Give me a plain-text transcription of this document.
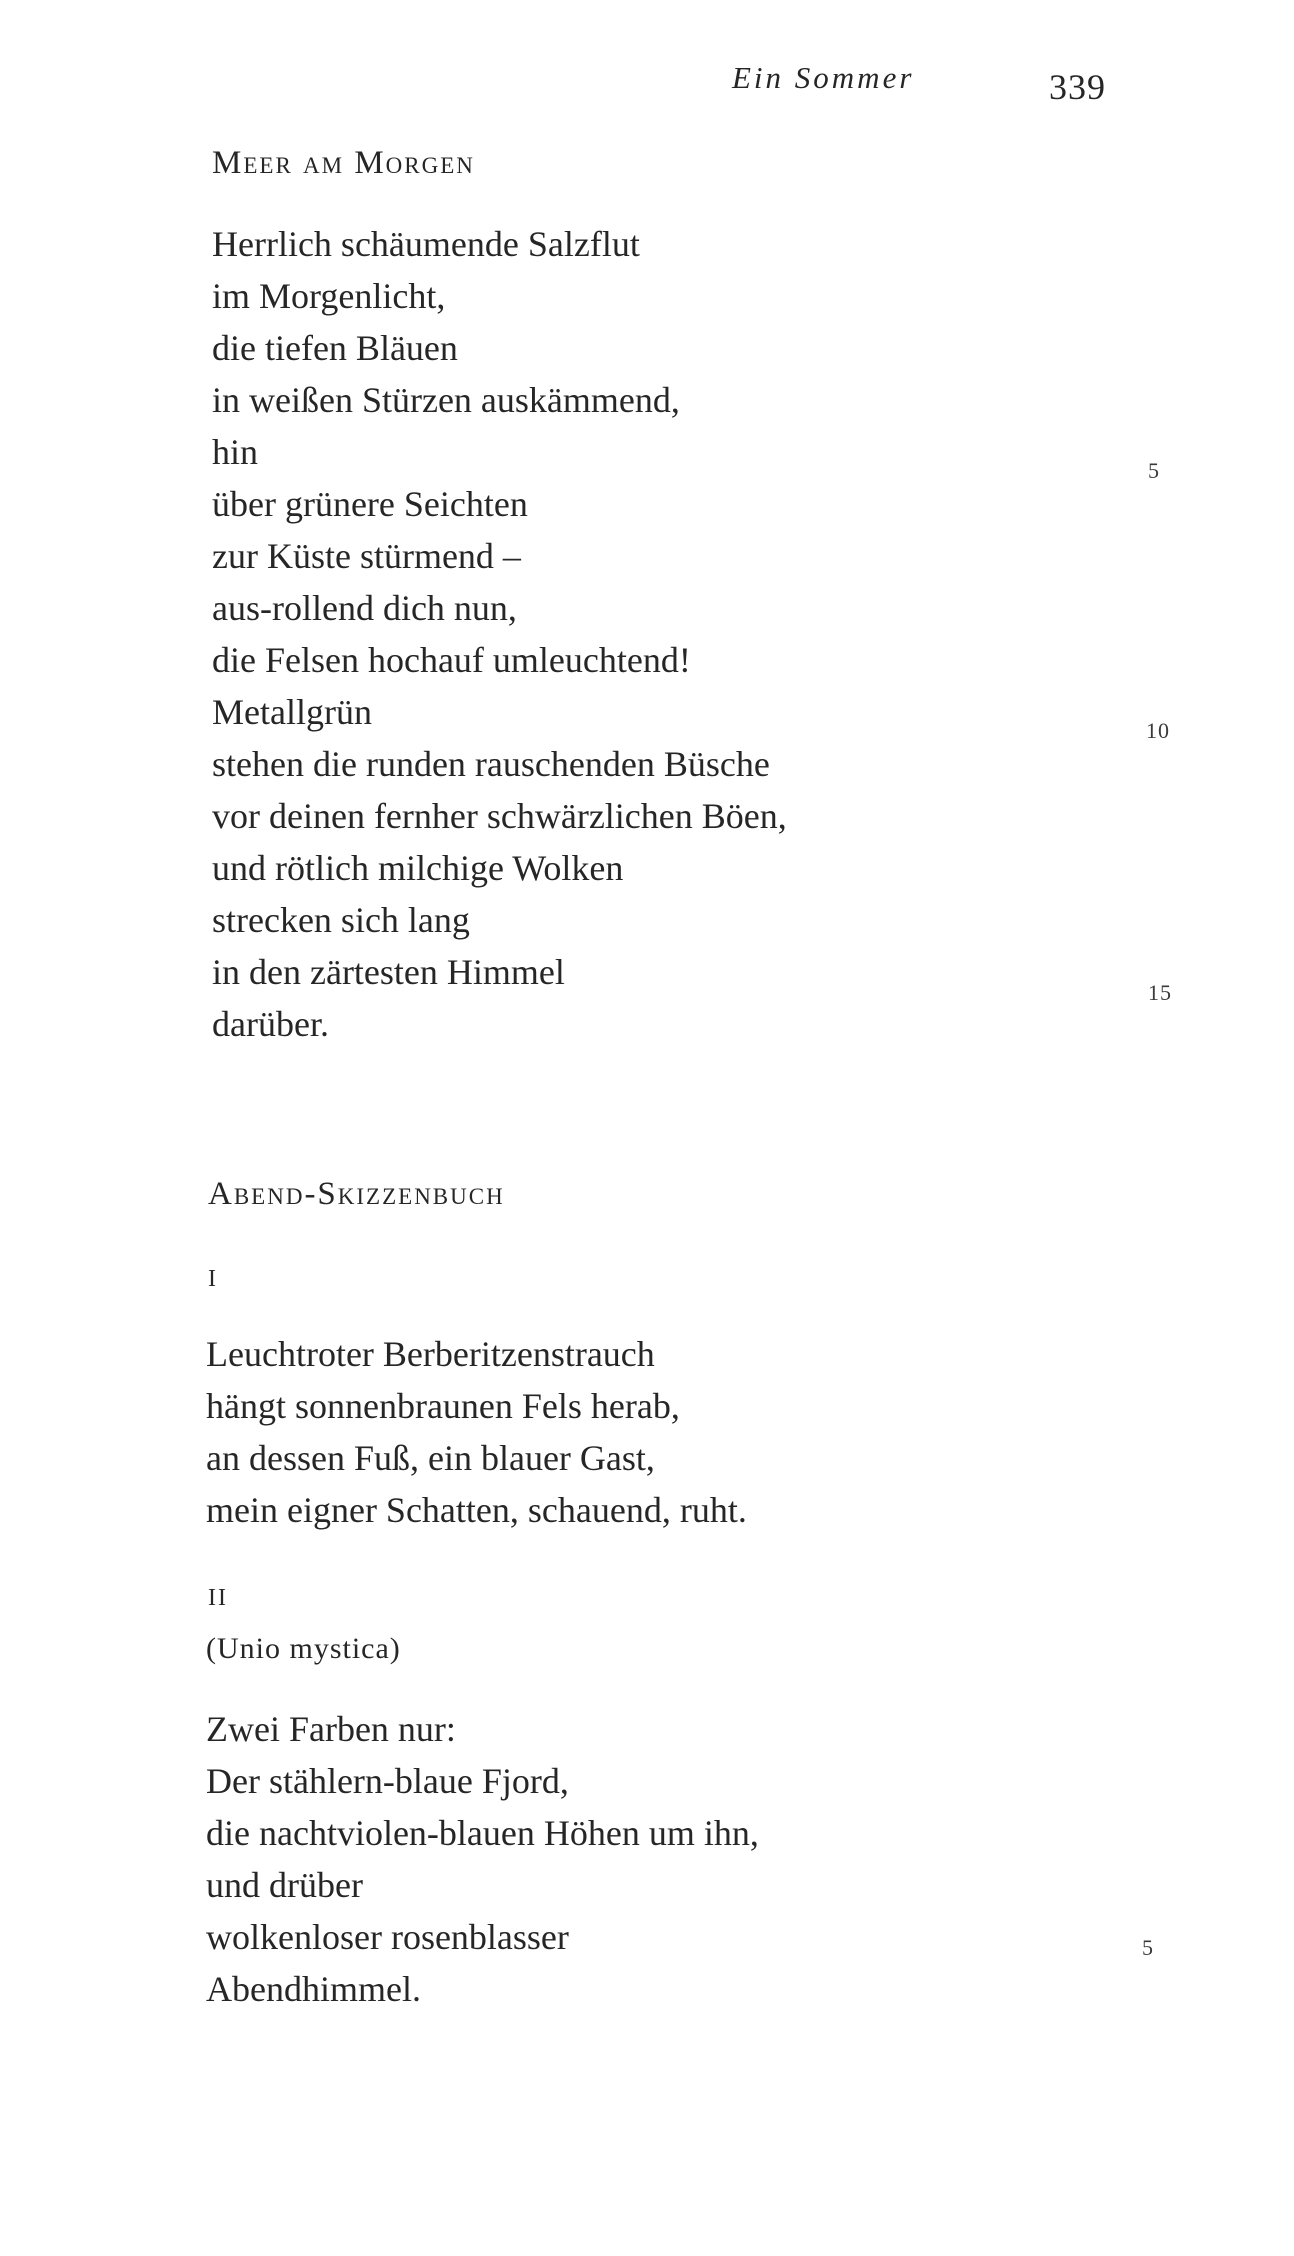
Ein Sommer	339
Meer am Morgen
Herrlich schäumende Salzflut
im Morgenlicht,
die tiefen Bläuen
in weißen Stürzen auskämmend,
hin
über grünere Seichten
zur Küste stürmend –
aus-rollend dich nun,
die Felsen hochauf umleuchtend!
Metallgrün
stehen die runden rauschenden Büsche
vor deinen fernher schwärzlichen Böen,
und rötlich milchige Wolken
strecken sich lang
in den zärtesten Himmel
darüber.
5
10
15
Abend-Skizzenbuch
I
Leuchtroter Berberitzenstrauch
hängt sonnenbraunen Fels herab,
an dessen Fuß, ein blauer Gast,
mein eigner Schatten, schauend, ruht.
II
(Unio mystica)
Zwei Farben nur:
Der stählern-blaue Fjord,
die nachtviolen-blauen Höhen um ihn,
und drüber
wolkenloser rosenblasser
Abendhimmel.
5
